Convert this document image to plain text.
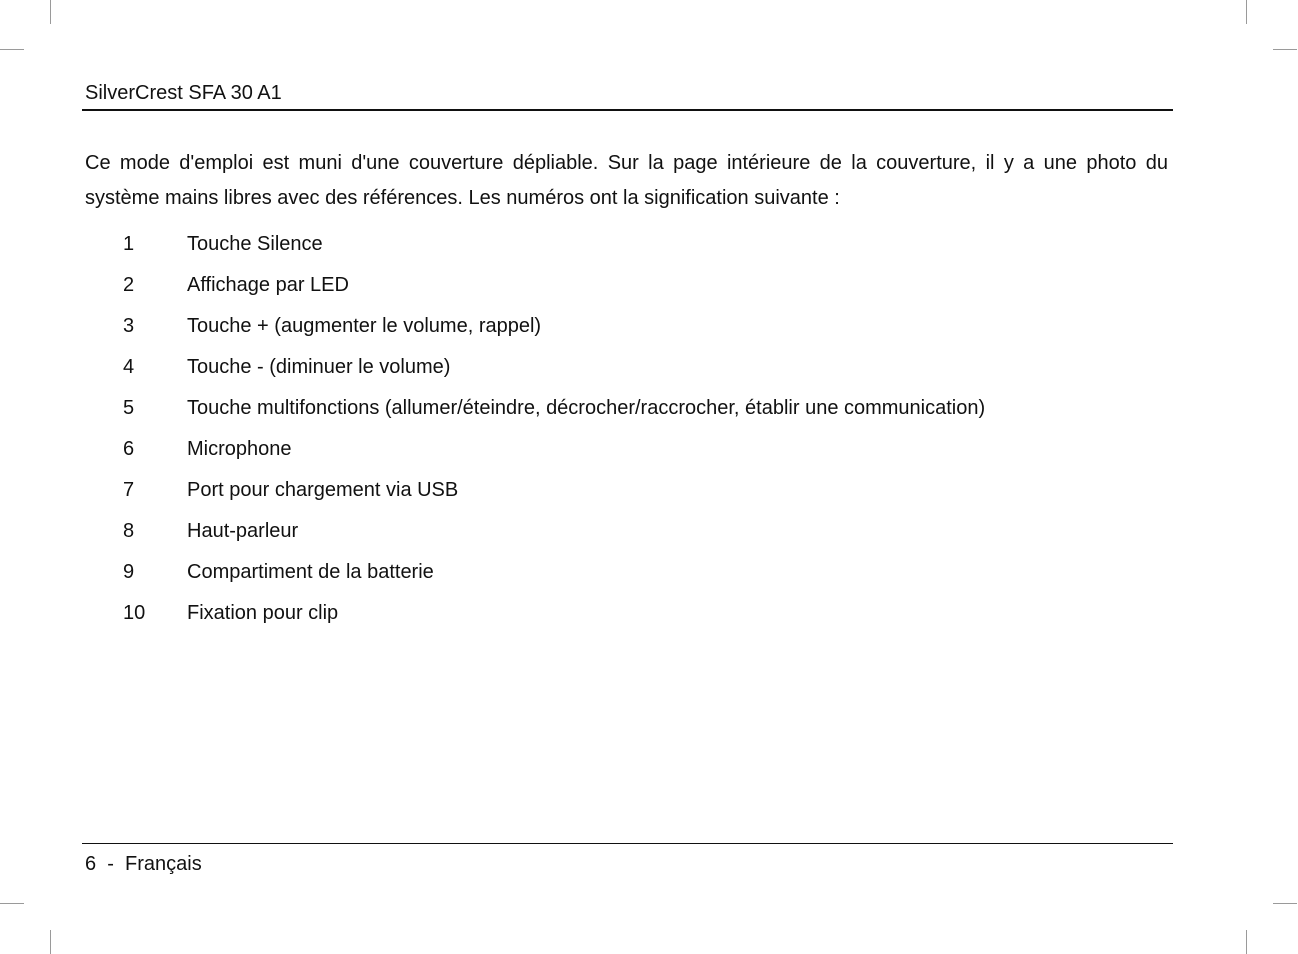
SilverCrest SFA 30 A1

Ce mode d'emploi est muni d'une couverture dépliable. Sur la page intérieure de la couverture, il y a une photo du système mains libres avec des références. Les numéros ont la signification suivante :

1	Touche Silence
2	Affichage par LED
3	Touche + (augmenter le volume, rappel)
4	Touche - (diminuer le volume)
5	Touche multifonctions (allumer/éteindre, décrocher/raccrocher, établir une communication)
6	Microphone
7	Port pour chargement via USB
8	Haut-parleur
9	Compartiment de la batterie
10 Fixation pour clip
6  -  Français
